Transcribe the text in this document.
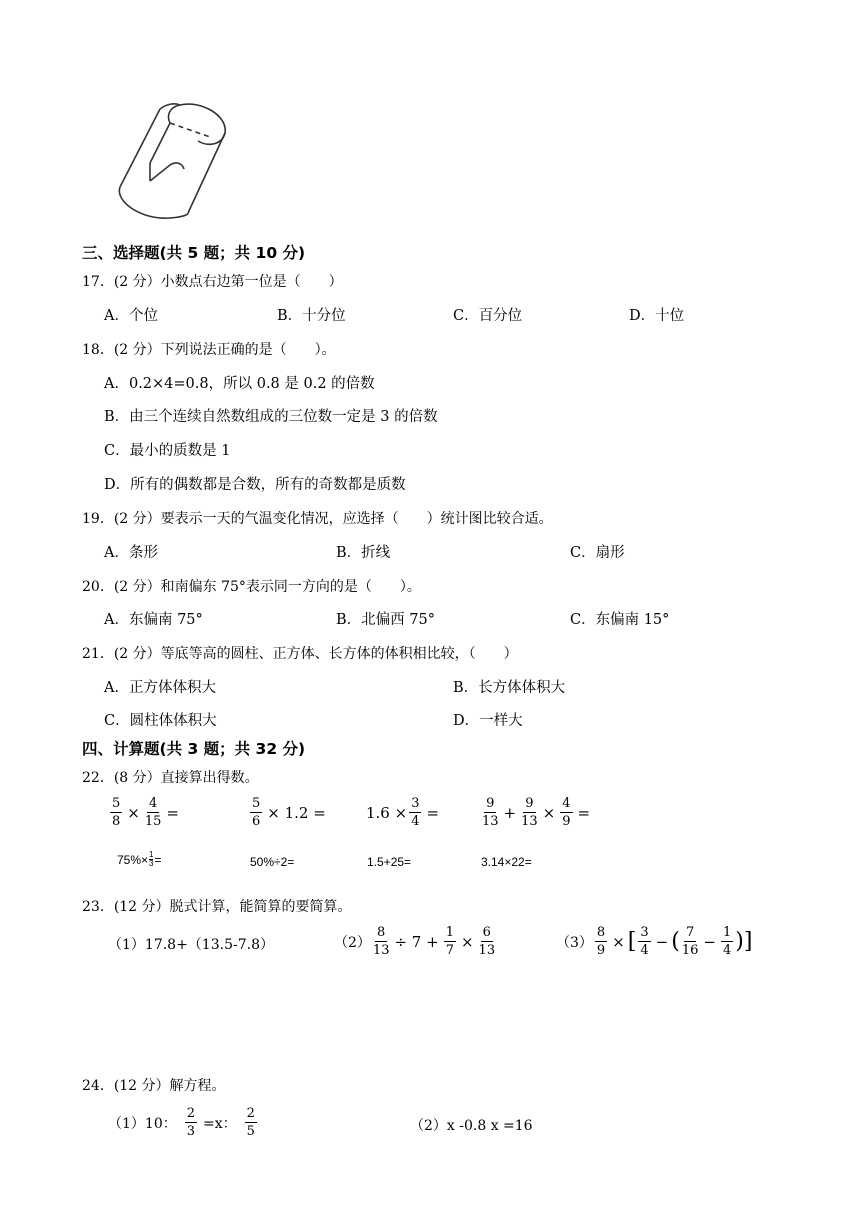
三、选择题(共 5 题；共 10 分)
17．(2 分）小数点右边第一位是（　　）
A．个位	B．十分位	C．百分位	D．十位
18．(2 分）下列说法正确的是（　　）。
A．0.2×4=0.8，所以 0.8 是 0.2 的倍数
B．由三个连续自然数组成的三位数一定是 3 的倍数
C．最小的质数是 1
D．所有的偶数都是合数，所有的奇数都是质数
19．(2 分）要表示一天的气温变化情况，应选择（　　）统计图比较合适。
A．条形	B．折线	C．扇形
20．(2 分）和南偏东 75°表示同一方向的是（　　）。
A．东偏南 75°	B．北偏西 75°	C．东偏南 15°
21．(2 分）等底等高的圆柱、正方体、长方体的体积相比较，（　　）
A．正方体体积大	B．长方体体积大
C．圆柱体体积大	D．一样大
四、计算题(共 3 题；共 32 分)
22．(8 分）直接算出得数。
$\frac{5}{8} \times \frac{4}{15}$ =	$\frac{5}{6} \times 1.2$ =	$1.6 \times \frac{3}{4}$ =	$\frac{9}{13} + \frac{9}{13} \times \frac{4}{9}$ =
$75\%\times \frac{1}{3}$ =	50%÷2=	1.5+25=	3.14×22=
23．(12 分）脱式计算，能简算的要简算。
（1）17.8+（13.5-7.8）	$(2) \frac{8}{13} \div 7 + \frac{1}{7} \times \frac{6}{13}$	$(3) \frac{8}{9}$ × [ $\frac{3}{4}$ − ( $\frac{7}{16} - \frac{1}{4}$ ) ]
24．(12 分）解方程。
（1）10： $\frac{2}{3} =x$： $\frac{2}{5}$	（2）x -0.8 x =16
